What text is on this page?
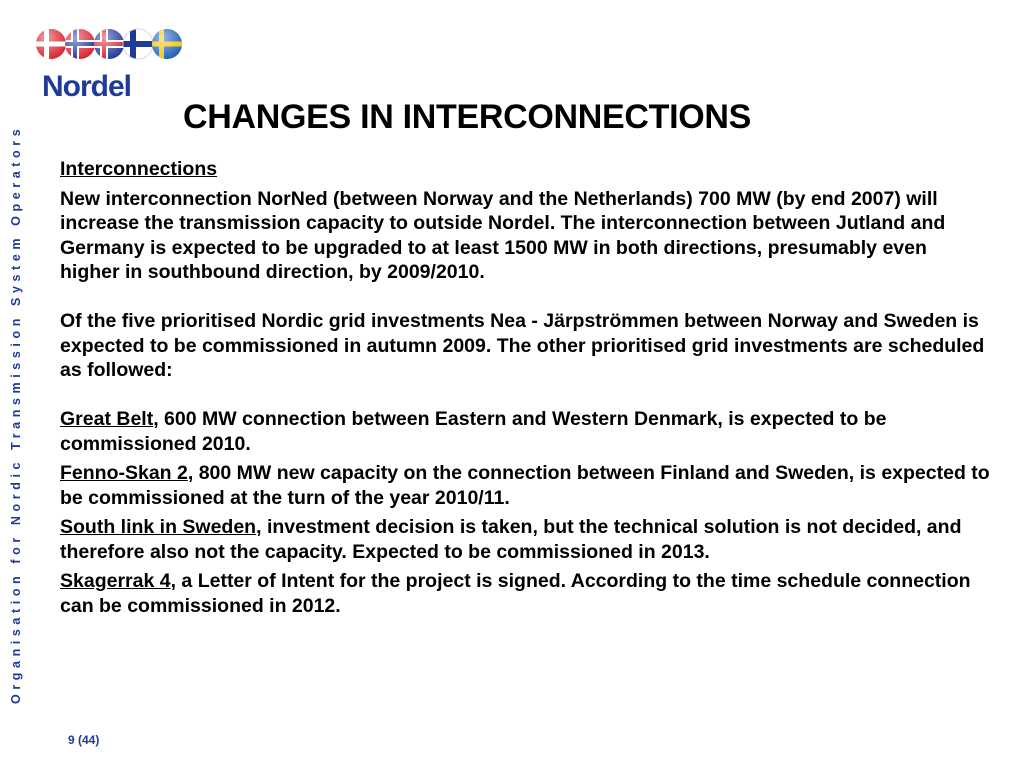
Nordel
Organisation for Nordic Transmission System Operators
CHANGES IN INTERCONNECTIONS

Interconnections

New interconnection NorNed (between Norway and the Netherlands) 700 MW (by end 2007) will increase the transmission capacity to outside Nordel. The interconnection between Jutland and Germany is expected to be upgraded to at least 1500 MW in both directions, presumably even higher in southbound direction, by 2009/2010.

Of the five prioritised Nordic grid investments Nea - Järpströmmen between Norway and Sweden is expected to be commissioned in autumn 2009. The other prioritised grid investments are scheduled as followed:

Great Belt, 600 MW connection between Eastern and Western Denmark, is expected to be commissioned 2010.

Fenno-Skan 2, 800 MW new capacity on the connection between Finland and Sweden, is expected to be commissioned at the turn of the year 2010/11.

South link in Sweden, investment decision is taken, but the technical solution is not decided, and therefore also not the capacity. Expected to be commissioned in 2013.

Skagerrak 4, a Letter of Intent for the project is signed. According to the time schedule connection can be commissioned in 2012.

9 (44)
